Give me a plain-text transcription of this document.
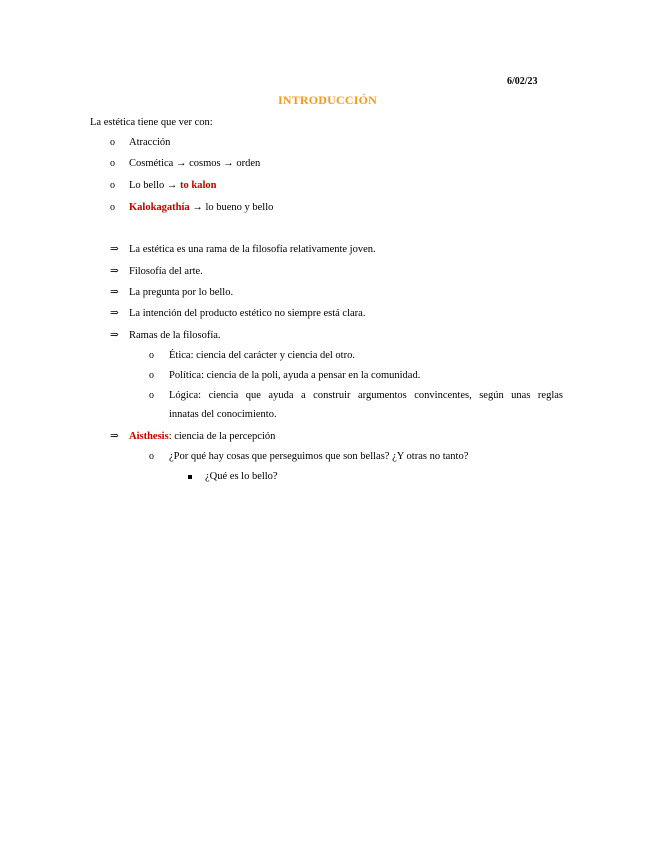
6/02/23
INTRODUCCIÓN
La estética tiene que ver con:
o Atracción
o Cosmética → cosmos → orden
o Lo bello → to kalon
o Kalokagathía → lo bueno y bello
⇒ La estética es una rama de la filosofía relativamente joven.
⇒ Filosofía del arte.
⇒ La pregunta por lo bello.
⇒ La intención del producto estético no siempre está clara.
⇒ Ramas de la filosofía.
o Ética: ciencia del carácter y ciencia del otro.
o Política: ciencia de la poli, ayuda a pensar en la comunidad.
o Lógica: ciencia que ayuda a construir argumentos convincentes, según unas reglas
innatas del conocimiento.
⇒ Aisthesis: ciencia de la percepción
o ¿Por qué hay cosas que perseguimos que son bellas? ¿Y otras no tanto?
¿Qué es lo bello?
